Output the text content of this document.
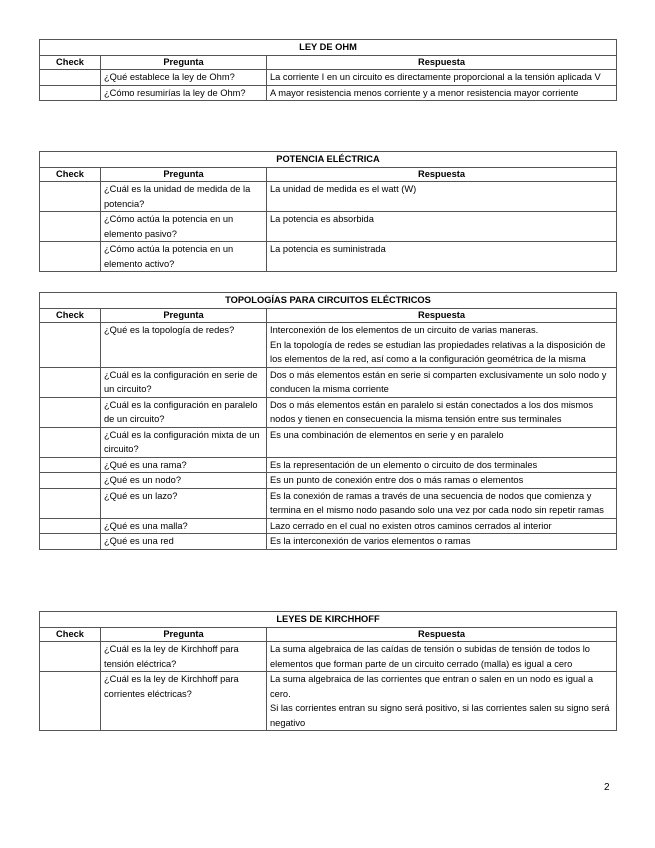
LEY DE OHM		
Check	Pregunta	Respuesta
	¿Qué establece la ley de Ohm?	La corriente I en un circuito es directamente proporcional a la tensión aplicada V

	¿Cómo resumirías la ley de Ohm?	A mayor resistencia menos corriente y a menor resistencia mayor corriente
POTENCIA ELÉCTRICA		
Check	Pregunta	Respuesta
	¿Cuál es la unidad de medida de la potencia?	La unidad de medida es el watt (W)

	¿Cómo actúa la potencia en un elemento pasivo?	La potencia es absorbida

	¿Cómo actúa la potencia en un elemento activo?	La potencia es suministrada
TOPOLOGÍAS PARA CIRCUITOS ELÉCTRICOS		
Check	Pregunta	Respuesta
	¿Qué es la topología de redes?	Interconexión de los elementos de un circuito de varias maneras.
En la topología de redes se estudian las propiedades relativas a la disposición de los elementos de la red, así como a la configuración geométrica de la misma

	¿Cuál es la configuración en serie de un circuito?	Dos o más elementos están en serie si comparten exclusivamente un solo nodo y conducen la misma corriente

	¿Cuál es la configuración en paralelo de un circuito?	Dos o más elementos están en paralelo si están conectados a los dos mismos nodos y tienen en consecuencia la misma tensión entre sus terminales

	¿Cuál es la configuración mixta de un circuito?	Es una combinación de elementos en serie y en paralelo

	¿Qué es una rama?	Es la representación de un elemento o circuito de dos terminales

	¿Qué es un nodo?	Es un punto de conexión entre dos o más ramas o elementos

	¿Qué es un lazo?	Es la conexión de ramas a través de una secuencia de nodos que comienza y termina en el mismo nodo pasando solo una vez por cada nodo sin repetir ramas

	¿Qué es una malla?	Lazo cerrado en el cual no existen otros caminos cerrados al interior

	¿Qué es una red	Es la interconexión de varios elementos o ramas
LEYES DE KIRCHHOFF		
Check	Pregunta	Respuesta
	¿Cuál es la ley de Kirchhoff para tensión eléctrica?	La suma algebraica de las caídas de tensión o subidas de tensión de todos lo elementos que forman parte de un circuito cerrado (malla) es igual a cero

	¿Cuál es la ley de Kirchhoff para corrientes eléctricas?	La suma algebraica de las corrientes que entran o salen en un nodo es igual a cero.
Si las corrientes entran su signo será positivo, si las corrientes salen su signo será negativo
2
